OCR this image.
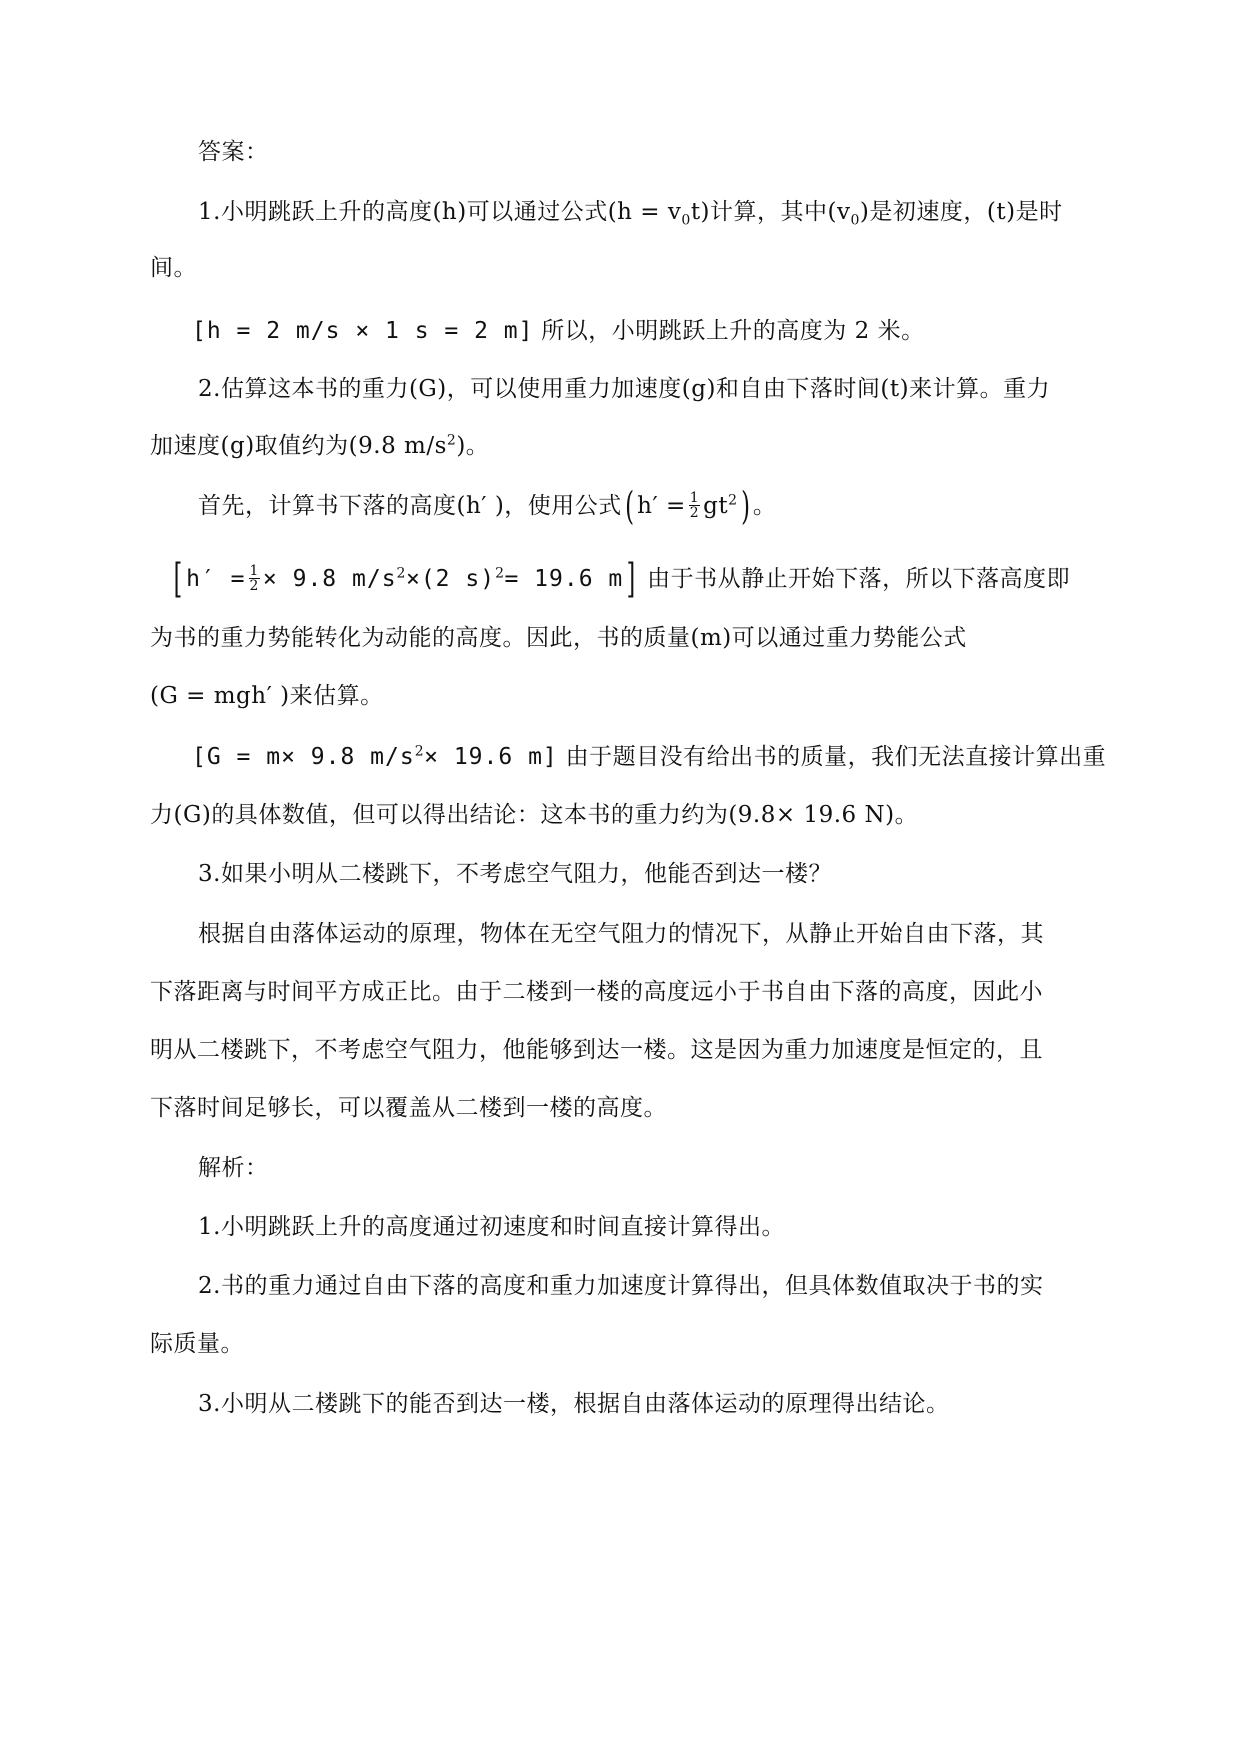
答案：
1.小明跳跃上升的高度(h)可以通过公式$(h = v_0t)$计算，其中$(v_0)$是初速度，(t)是时
间。
[h = 2 m/s × 1 s = 2 m] 所以，小明跳跃上升的高度为 2 米。
2.估算这本书的重力(G)，可以使用重力加速度(g)和自由下落时间(t)来计算。重力
加速度(g)取值约为(9.8 $m/s^2$)。
首先，计算书下落的高度(h′ )，使用公式( $h' = \frac{1}{2} gt^2$) 。
[ $h' = \frac{1}{2} \times 9.8$ $m/s^2\times(2$ s)$^2$= 19.6 m] 由于书从静止开始下落，所以下落高度即
为书的重力势能转化为动能的高度。因此，书的质量(m)可以通过重力势能公式
(G = mgh′ )来估算。
[G = m× 9.8 $m/s^2\times 19.6$ m] 由于题目没有给出书的质量，我们无法直接计算出重
力(G)的具体数值，但可以得出结论：这本书的重力约为(9.8× 19.6 N)。
3.如果小明从二楼跳下，不考虑空气阻力，他能否到达一楼？
根据自由落体运动的原理，物体在无空气阻力的情况下，从静止开始自由下落，其
下落距离与时间平方成正比。由于二楼到一楼的高度远小于书自由下落的高度，因此小
明从二楼跳下，不考虑空气阻力，他能够到达一楼。这是因为重力加速度是恒定的，且
下落时间足够长，可以覆盖从二楼到一楼的高度。
解析：
1.小明跳跃上升的高度通过初速度和时间直接计算得出。
2.书的重力通过自由下落的高度和重力加速度计算得出，但具体数值取决于书的实
际质量。
3.小明从二楼跳下的能否到达一楼，根据自由落体运动的原理得出结论。
